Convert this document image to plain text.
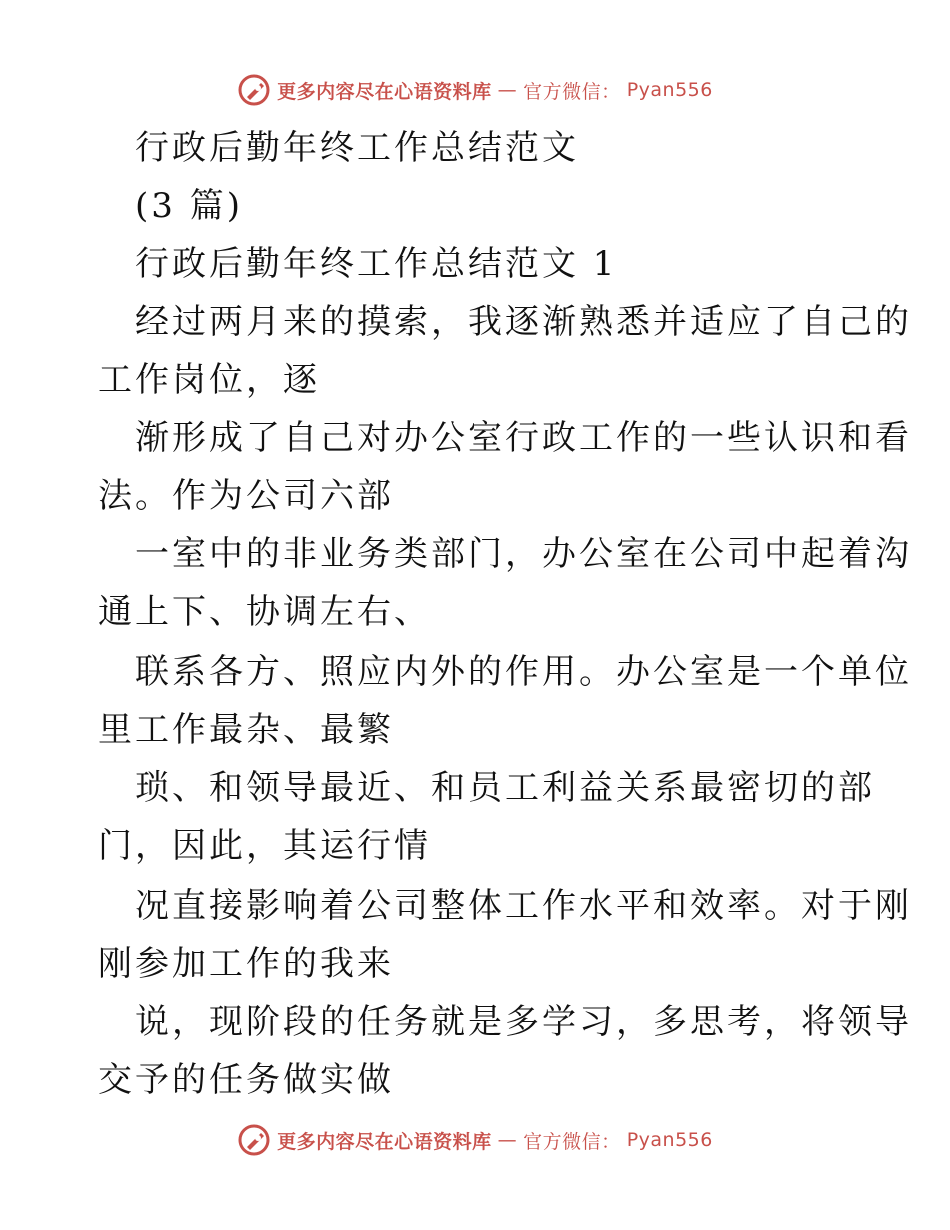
更多内容尽在心语资料库 — 官方微信： Pyan556
行政后勤年终工作总结范文
(3 篇)
行政后勤年终工作总结范文 1
经过两月来的摸索，我逐渐熟悉并适应了自己的
工作岗位，逐
渐形成了自己对办公室行政工作的一些认识和看
法。作为公司六部
一室中的非业务类部门，办公室在公司中起着沟
通上下、协调左右、
联系各方、照应内外的作用。办公室是一个单位
里工作最杂、最繁
琐、和领导最近、和员工利益关系最密切的部
门，因此，其运行情
况直接影响着公司整体工作水平和效率。对于刚
刚参加工作的我来
说，现阶段的任务就是多学习，多思考，将领导
交予的任务做实做
更多内容尽在心语资料库 — 官方微信： Pyan556
